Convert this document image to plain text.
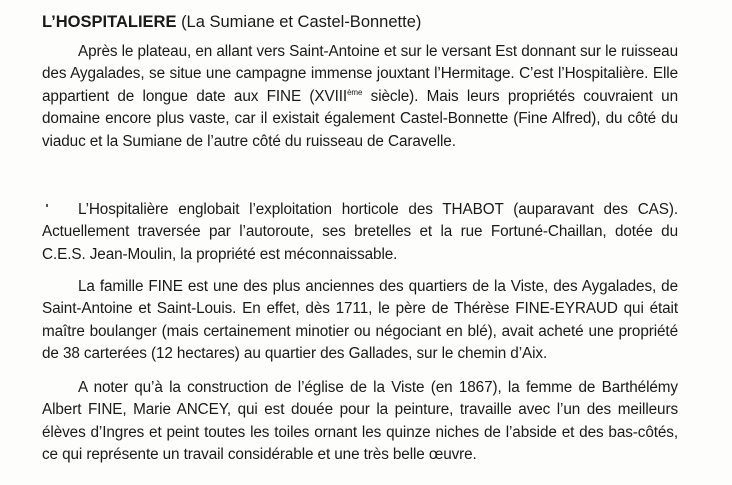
L’HOSPITALIERE (La Sumiane et Castel-Bonnette)

Après le plateau, en allant vers Saint-Antoine et sur le versant Est donnant sur le ruisseau des Aygalades, se situe une campagne immense jouxtant l’Hermitage. C’est l’Hospitalière. Elle appartient de longue date aux FINE (XVIIIème siècle). Mais leurs propriétés couvraient un domaine encore plus vaste, car il existait également Castel-Bonnette (Fine Alfred), du côté du viaduc et la Sumiane de l’autre côté du ruisseau de Caravelle.

L’Hospitalière englobait l’exploitation horticole des THABOT (auparavant des CAS). Actuellement traversée par l’autoroute, ses bretelles et la rue Fortuné-Chaillan, dotée du C.E.S. Jean-Moulin, la propriété est méconnaissable.

La famille FINE est une des plus anciennes des quartiers de la Viste, des Aygalades, de Saint-Antoine et Saint-Louis. En effet, dès 1711, le père de Thérèse FINE-EYRAUD qui était maître boulanger (mais certainement minotier ou négociant en blé), avait acheté une propriété de 38 carterées (12 hectares) au quartier des Gallades, sur le chemin d’Aix.

A noter qu’à la construction de l’église de la Viste (en 1867), la femme de Barthélémy Albert FINE, Marie ANCEY, qui est douée pour la peinture, travaille avec l’un des meilleurs élèves d’Ingres et peint toutes les toiles ornant les quinze niches de l’abside et des bas-côtés, ce qui représente un travail considérable et une très belle œuvre.
